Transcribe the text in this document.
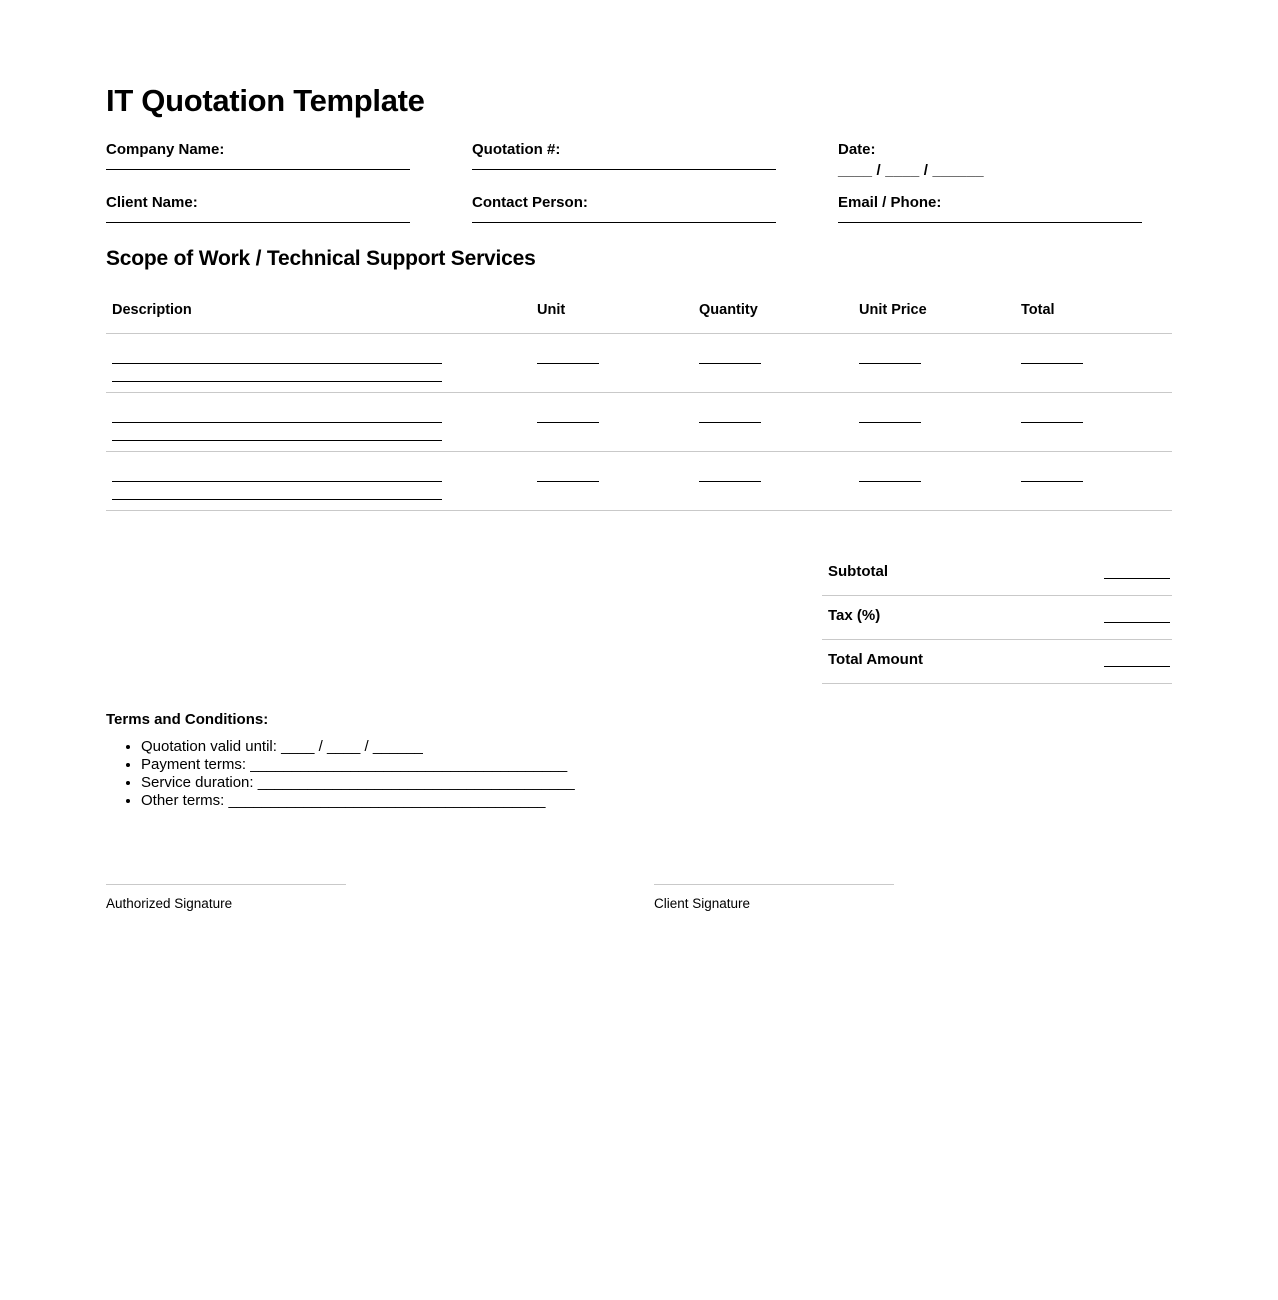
IT Quotation Template
Company Name:	Quotation #:	Date:
____ / ____ / ______
Client Name:	Contact Person:	Email / Phone:
Scope of Work / Technical Support Services
Description	Unit	Quantity	Unit Price	Total
Subtotal
Tax (%)
Total Amount
Terms and Conditions:
• Quotation valid until: ____ / ____ / ______
• Payment terms: ______________________________________
• Service duration: ______________________________________
• Other terms: ______________________________________
Authorized Signature	Client Signature
